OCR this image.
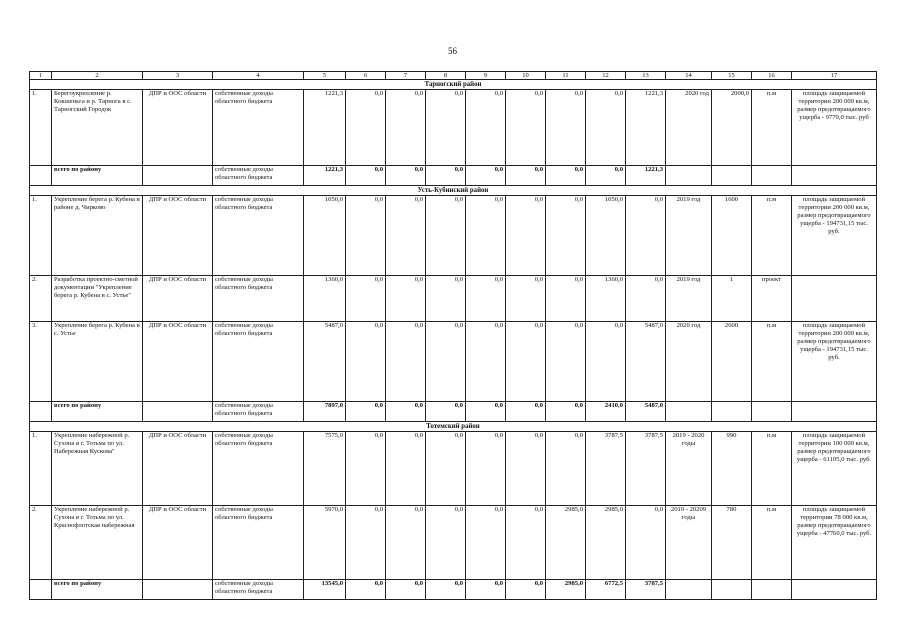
56
1	2	3	4	5	6	7	8	9	10	11	12	13	14	15	16	17
Тарногский район																
1.	Берегоукрепление р. Кокшеньга и р. Тарнога в с. Тарногский Городок	ДПР и ООС области	собственные доходы областного бюджета	1221,3	0,0	0,0	0,0	0,0	0,0	0,0	0,0	1221,3	2020 год	2000,0	п.м	площадь защищаемой территории 200 000 кв.м, размер предотвращаемого ущерба - 9770,0 тыс. руб
	всего по району		собственные доходы областного бюджета	1221,3	0,0	0,0	0,0	0,0	0,0	0,0	0,0	1221,3				
Усть-Кубинский район																
1.	Укрепление берега р. Кубена в районе д. Чирково	ДПР и ООС области	собственные доходы областного бюджета	1050,0	0,0	0,0	0,0	0,0	0,0	0,0	1050,0	0,0	2019 год	1600	п.м	площадь защищаемой территории 200 000 кв.м, размер предотвращаемого ущерба - 194731,15 тыс. руб.
2.	Разработка проектно-сметной документации "Укрепление берега р. Кубена в с. Устье"	ДПР и ООС области	собственные доходы областного бюджета	1360,0	0,0	0,0	0,0	0,0	0,0	0,0	1360,0	0,0	2019 год	1	проект	
3.	Укрепление берега р. Кубена в с. Устье	ДПР и ООС области	собственные доходы областного бюджета	5487,0	0,0	0,0	0,0	0,0	0,0	0,0	0,0	5487,0	2020 год	2600	п.м	площадь защищаемой территории 200 000 кв.м, размер предотвращаемого ущерба - 194731,15 тыс. руб.
	всего по району		собственные доходы областного бюджета	7897,0	0,0	0,0	0,0	0,0	0,0	0,0	2410,0	5487,0				
Тотемский район																
1.	Укрепление набережной р. Сухона в г. Тотьма по ул. Набережная Кускова"	ДПР и ООС области	собственные доходы областного бюджета	7575,0	0,0	0,0	0,0	0,0	0,0	0,0	3787,5	3787,5	2019 - 2020 годы	990	п.м	площадь защищаемой территории 100 000 кв.м, размер предотвращаемого ущерба - 61105,0 тыс. руб.
2.	Укрепление набережной р. Сухона в г. Тотьма по ул. Краснофлотская набережная	ДПР и ООС области	собственные доходы областного бюджета	5970,0	0,0	0,0	0,0	0,0	0,0	2985,0	2985,0	0,0	2019 - 20209 годы	780	п.м	площадь защищаемой территории 78 000 кв.м, размер предотвращаемого ущерба - 47760,0 тыс. руб.
	всего по району		собственные доходы областного бюджета	13545,0	0,0	0,0	0,0	0,0	0,0	2985,0	6772,5	3787,5				
